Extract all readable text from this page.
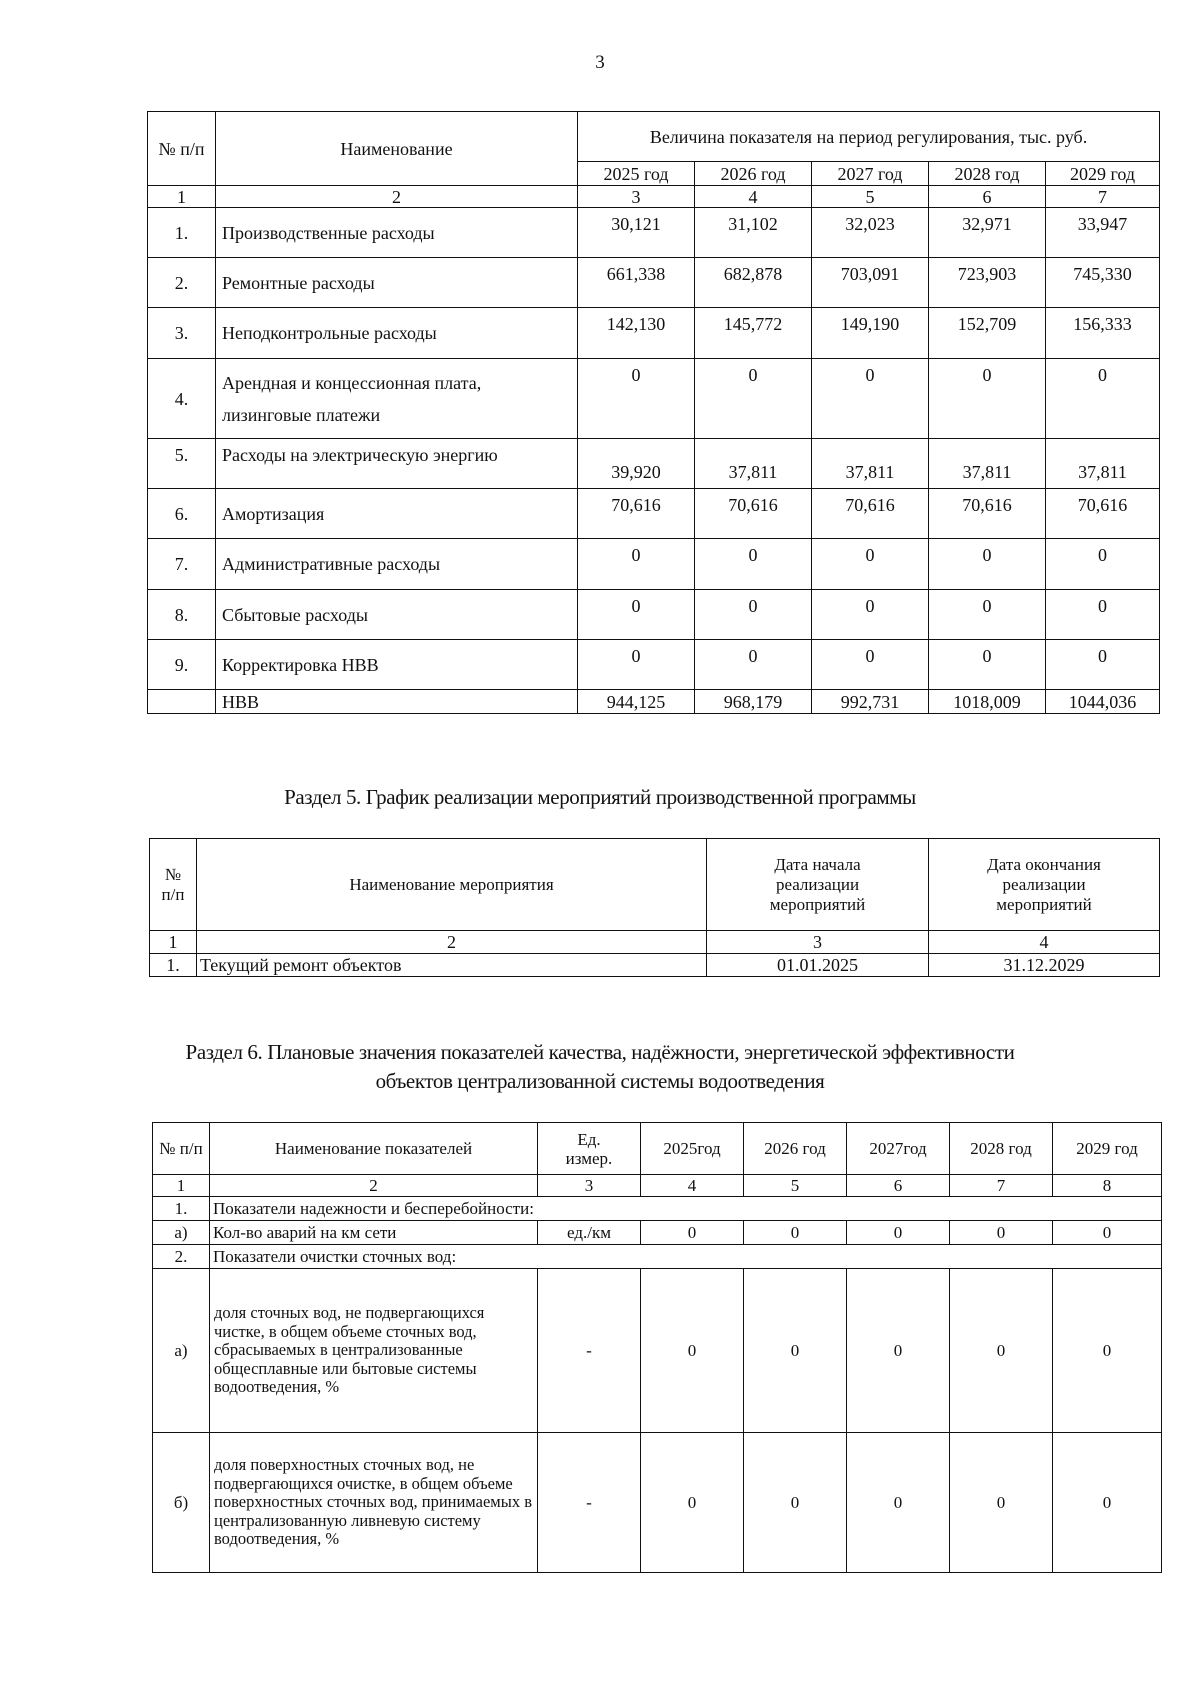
3
№ п/п	Наименование	Величина показателя на период регулирования, тыс. руб.				
		2025 год	2026 год	2027 год	2028 год	2029 год
1	2	3	4	5	6	7
1.	Производственные расходы	30,121	31,102	32,023	32,971	33,947
2.	Ремонтные расходы	661,338	682,878	703,091	723,903	745,330
3.	Неподконтрольные расходы	142,130	145,772	149,190	152,709	156,333
4.	Арендная и концессионная плата, лизинговые платежи	0	0	0	0	0
5.	Расходы на электрическую энергию	39,920	37,811	37,811	37,811	37,811
6.	Амортизация	70,616	70,616	70,616	70,616	70,616
7.	Административные расходы	0	0	0	0	0
8.	Сбытовые расходы	0	0	0	0	0
9.	Корректировка НВВ	0	0	0	0	0
	НВВ	944,125	968,179	992,731	1018,009	1044,036
Раздел 5. График реализации мероприятий производственной программы
№ п/п	Наименование мероприятия	Дата начала реализации мероприятий	Дата окончания реализации мероприятий
1	2	3	4
1.	Текущий ремонт объектов	01.01.2025	31.12.2029
Раздел 6. Плановые значения показателей качества, надёжности, энергетической эффективности
объектов централизованной системы водоотведения
№ п/п	Наименование показателей	Ед. измер.	2025год	2026 год	2027год	2028 год	2029 год
1	2	3	4	5	6	7	8
1.	Показатели надежности и бесперебойности:						
а)	Кол-во аварий на км сети	ед./км	0	0	0	0	0
2.	Показатели очистки сточных вод:						
а)	доля сточных вод, не подвергающихся чистке, в общем объеме сточных вод, сбрасываемых в централизованные общесплавные или бытовые системы водоотведения, %	-	0	0	0	0	0
б)	доля поверхностных сточных вод, не подвергающихся очистке, в общем объеме поверхностных сточных вод, принимаемых в централизованную ливневую систему водоотведения, %	-	0	0	0	0	0
